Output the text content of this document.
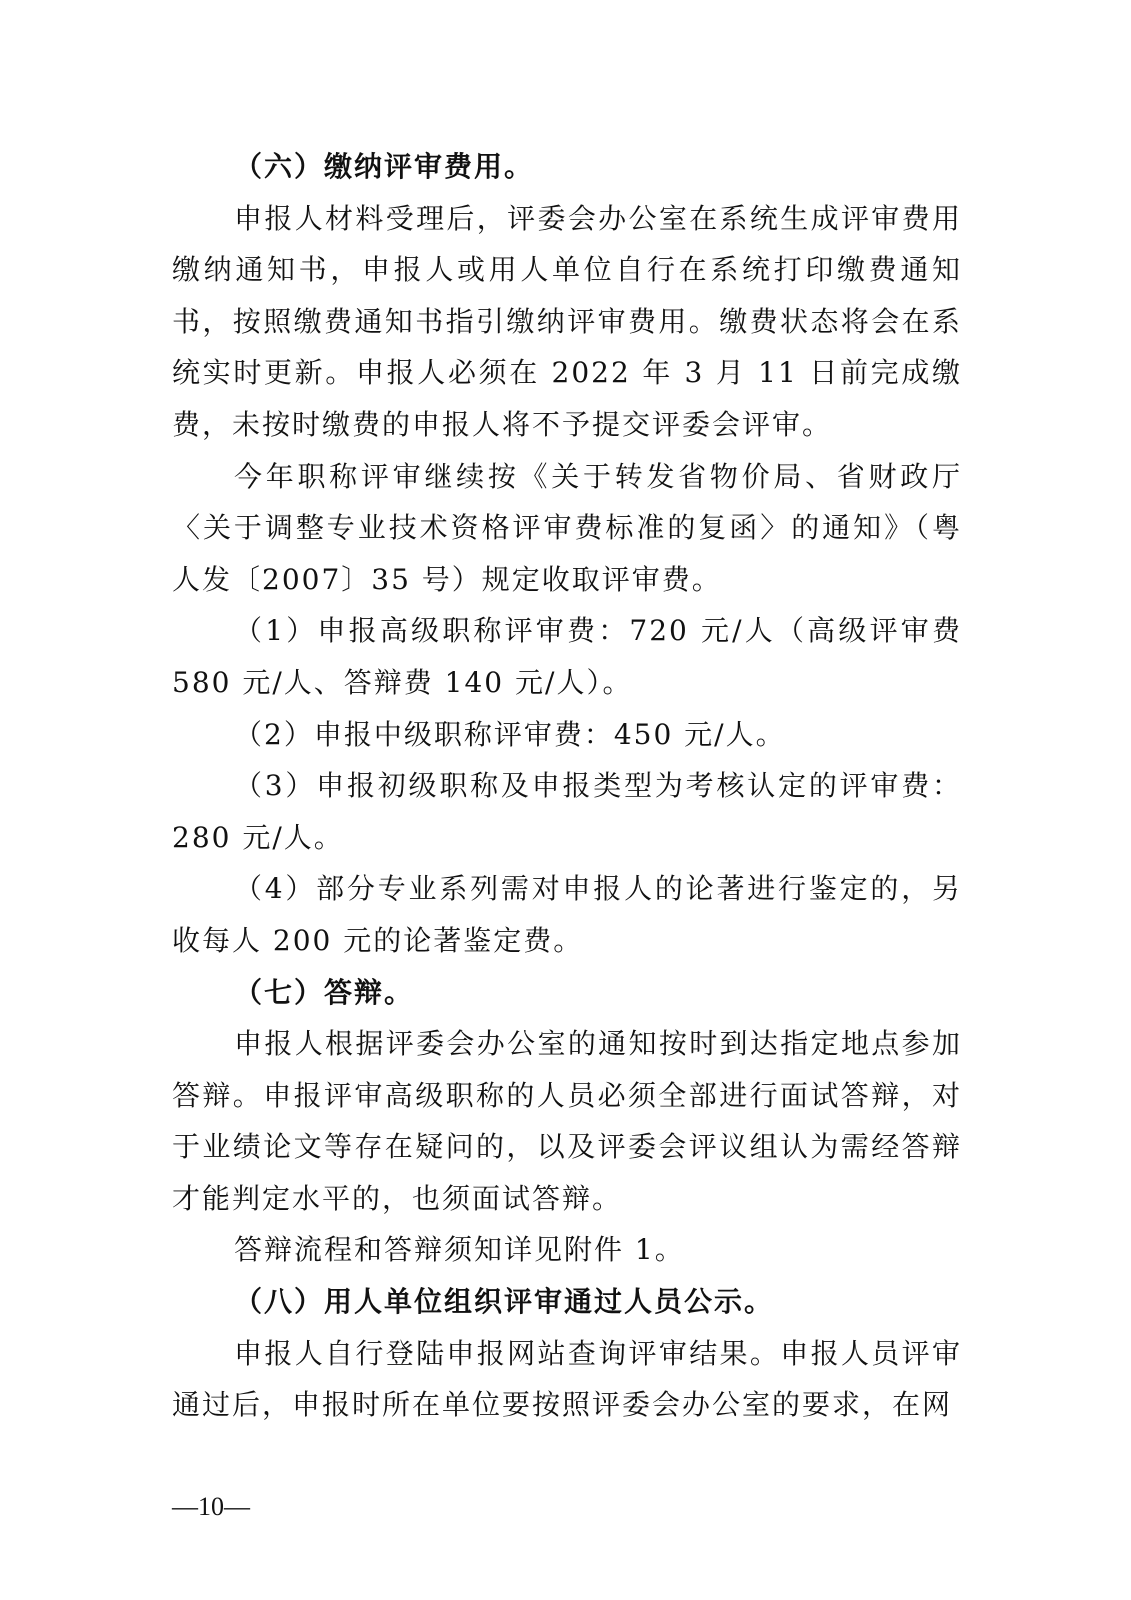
（六）缴纳评审费用。

申报人材料受理后，评委会办公室在系统生成评审费用缴纳通知书，申报人或用人单位自行在系统打印缴费通知书，按照缴费通知书指引缴纳评审费用。缴费状态将会在系统实时更新。申报人必须在 2022 年 3 月 11 日前完成缴费，未按时缴费的申报人将不予提交评委会评审。

今年职称评审继续按《关于转发省物价局、省财政厅〈关于调整专业技术资格评审费标准的复函〉的通知》（粤人发〔2007〕35 号）规定收取评审费。

（1）申报高级职称评审费：720 元/人（高级评审费 580 元/人、答辩费 140 元/人）。

（2）申报中级职称评审费：450 元/人。

（3）申报初级职称及申报类型为考核认定的评审费：280 元/人。

（4）部分专业系列需对申报人的论著进行鉴定的，另收每人 200 元的论著鉴定费。

（七）答辩。

申报人根据评委会办公室的通知按时到达指定地点参加答辩。申报评审高级职称的人员必须全部进行面试答辩，对于业绩论文等存在疑问的，以及评委会评议组认为需经答辩才能判定水平的，也须面试答辩。

答辩流程和答辩须知详见附件 1。

（八）用人单位组织评审通过人员公示。

申报人自行登陆申报网站查询评审结果。申报人员评审通过后，申报时所在单位要按照评委会办公室的要求，在网

—10—
